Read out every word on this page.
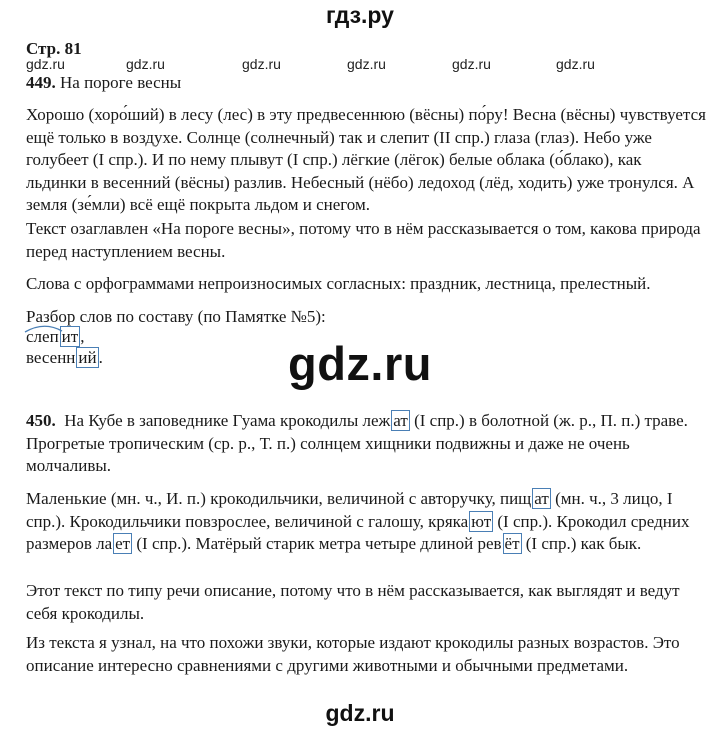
гдз.ру
Стр. 81
gdz.ru	gdz.ru	gdz.ru	gdz.ru	gdz.ru
gdz.ru
449. На пороге весны

Хорошо (хоро́ший) в лесу (лес) в эту предвесеннюю (вёсны) по́ру! Весна (вёсны) чувствуется ещё только в воздухе. Солнце (солнечный) так и слепит (II спр.) глаза (глаз). Небо уже голубеет (I спр.). И по нему плывут (I спр.) лёгкие (лёгок) белые облака (о́блако), как льдинки в весенний (вёсны) разлив. Небесный (нёбо) ледоход (лёд, ходить) уже тронулся. А земля (зе́мли) всё ещё покрыта льдом и снегом.

Текст озаглавлен «На пороге весны», потому что в нём рассказывается о том, какова природа перед наступлением весны.

Слова с орфограммами непроизносимых согласных: праздник, лестница, прелестный.

Разбор слов по составу (по Памятке №5):

слеп ит ,
весенн ий .	gdz.ru

450. На Кубе в заповеднике Гуама крокодилы леж ат (I спр.) в болотной (ж. р., П. п.) траве. Прогретые тропическим (ср. р., Т. п.) солнцем хищники подвижны и даже не очень молчаливы.

Маленькие (мн. ч., И. п.) крокодильчики, величиной с авторучку, пищ ат (мн. ч., 3 лицо, I спр.). Крокодильчики повзрослее, величиной с галошу, кряка ют (I спр.). Крокодил средних размеров ла ет (I спр.). Матёрый старик метра четыре длиной рев ёт (I спр.) как бык.

Этот текст по типу речи описание, потому что в нём рассказывается, как выглядят и ведут себя крокодилы.

Из текста я узнал, на что похожи звуки, которые издают крокодилы разных возрастов. Это описание интересно сравнениями с другими животными и обычными предметами.

gdz.ru
